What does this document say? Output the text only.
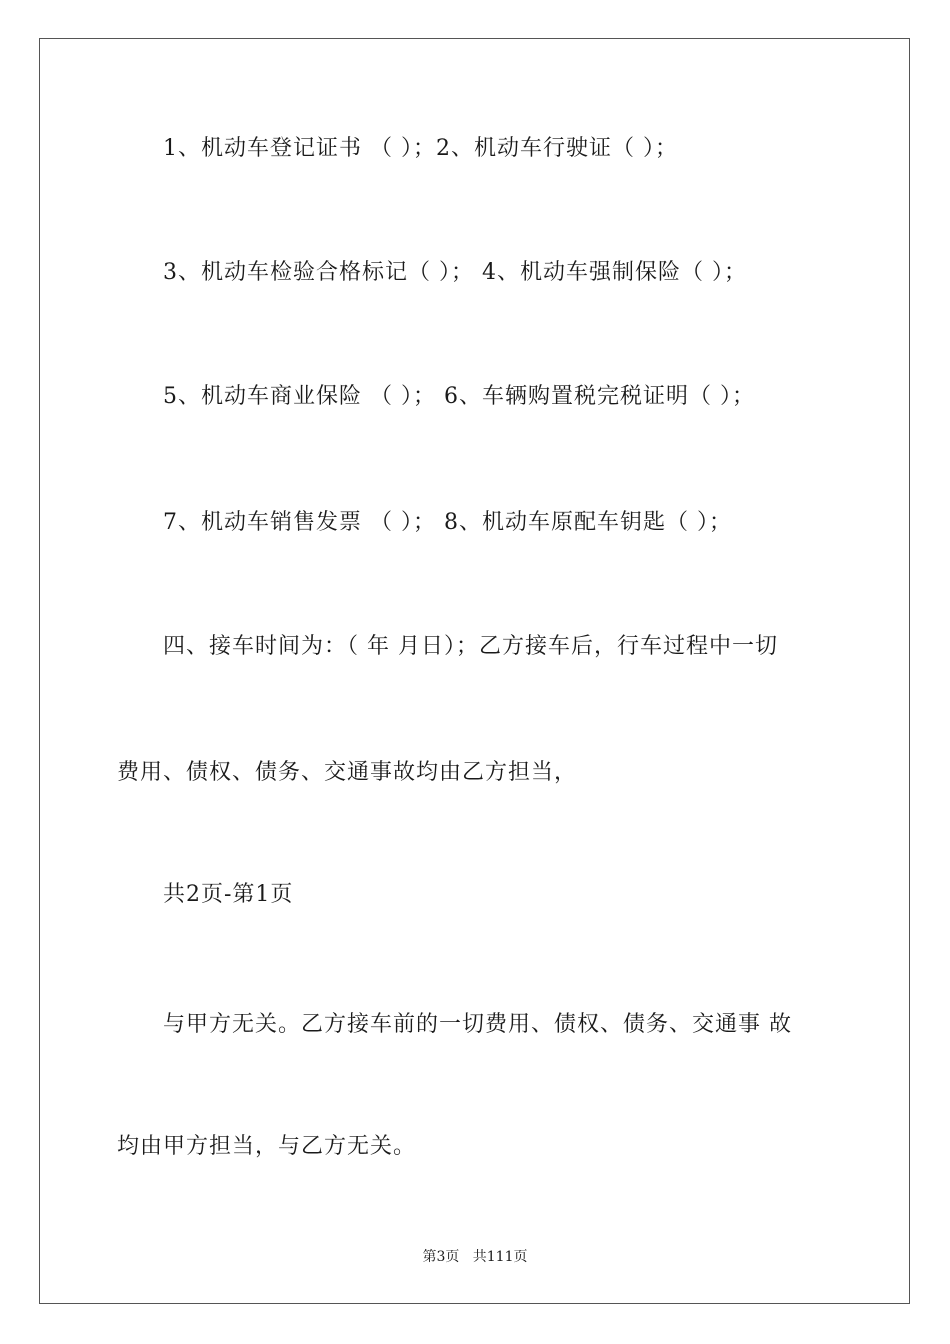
1、机动车登记证书 （ ）；2、机动车行驶证（ ）；
3、机动车检验合格标记（ ）； 4、机动车强制保险（ ）；
5、机动车商业保险 （ ）； 6、车辆购置税完税证明（ ）；
7、机动车销售发票 （ ）； 8、机动车原配车钥匙（ ）；
四、接车时间为：（ 年 月日）；乙方接车后，行车过程中一切
费用、债权、债务、交通事故均由乙方担当，
共2页-第1页
与甲方无关。乙方接车前的一切费用、债权、债务、交通事 故
均由甲方担当，与乙方无关。
第3页   共111页
